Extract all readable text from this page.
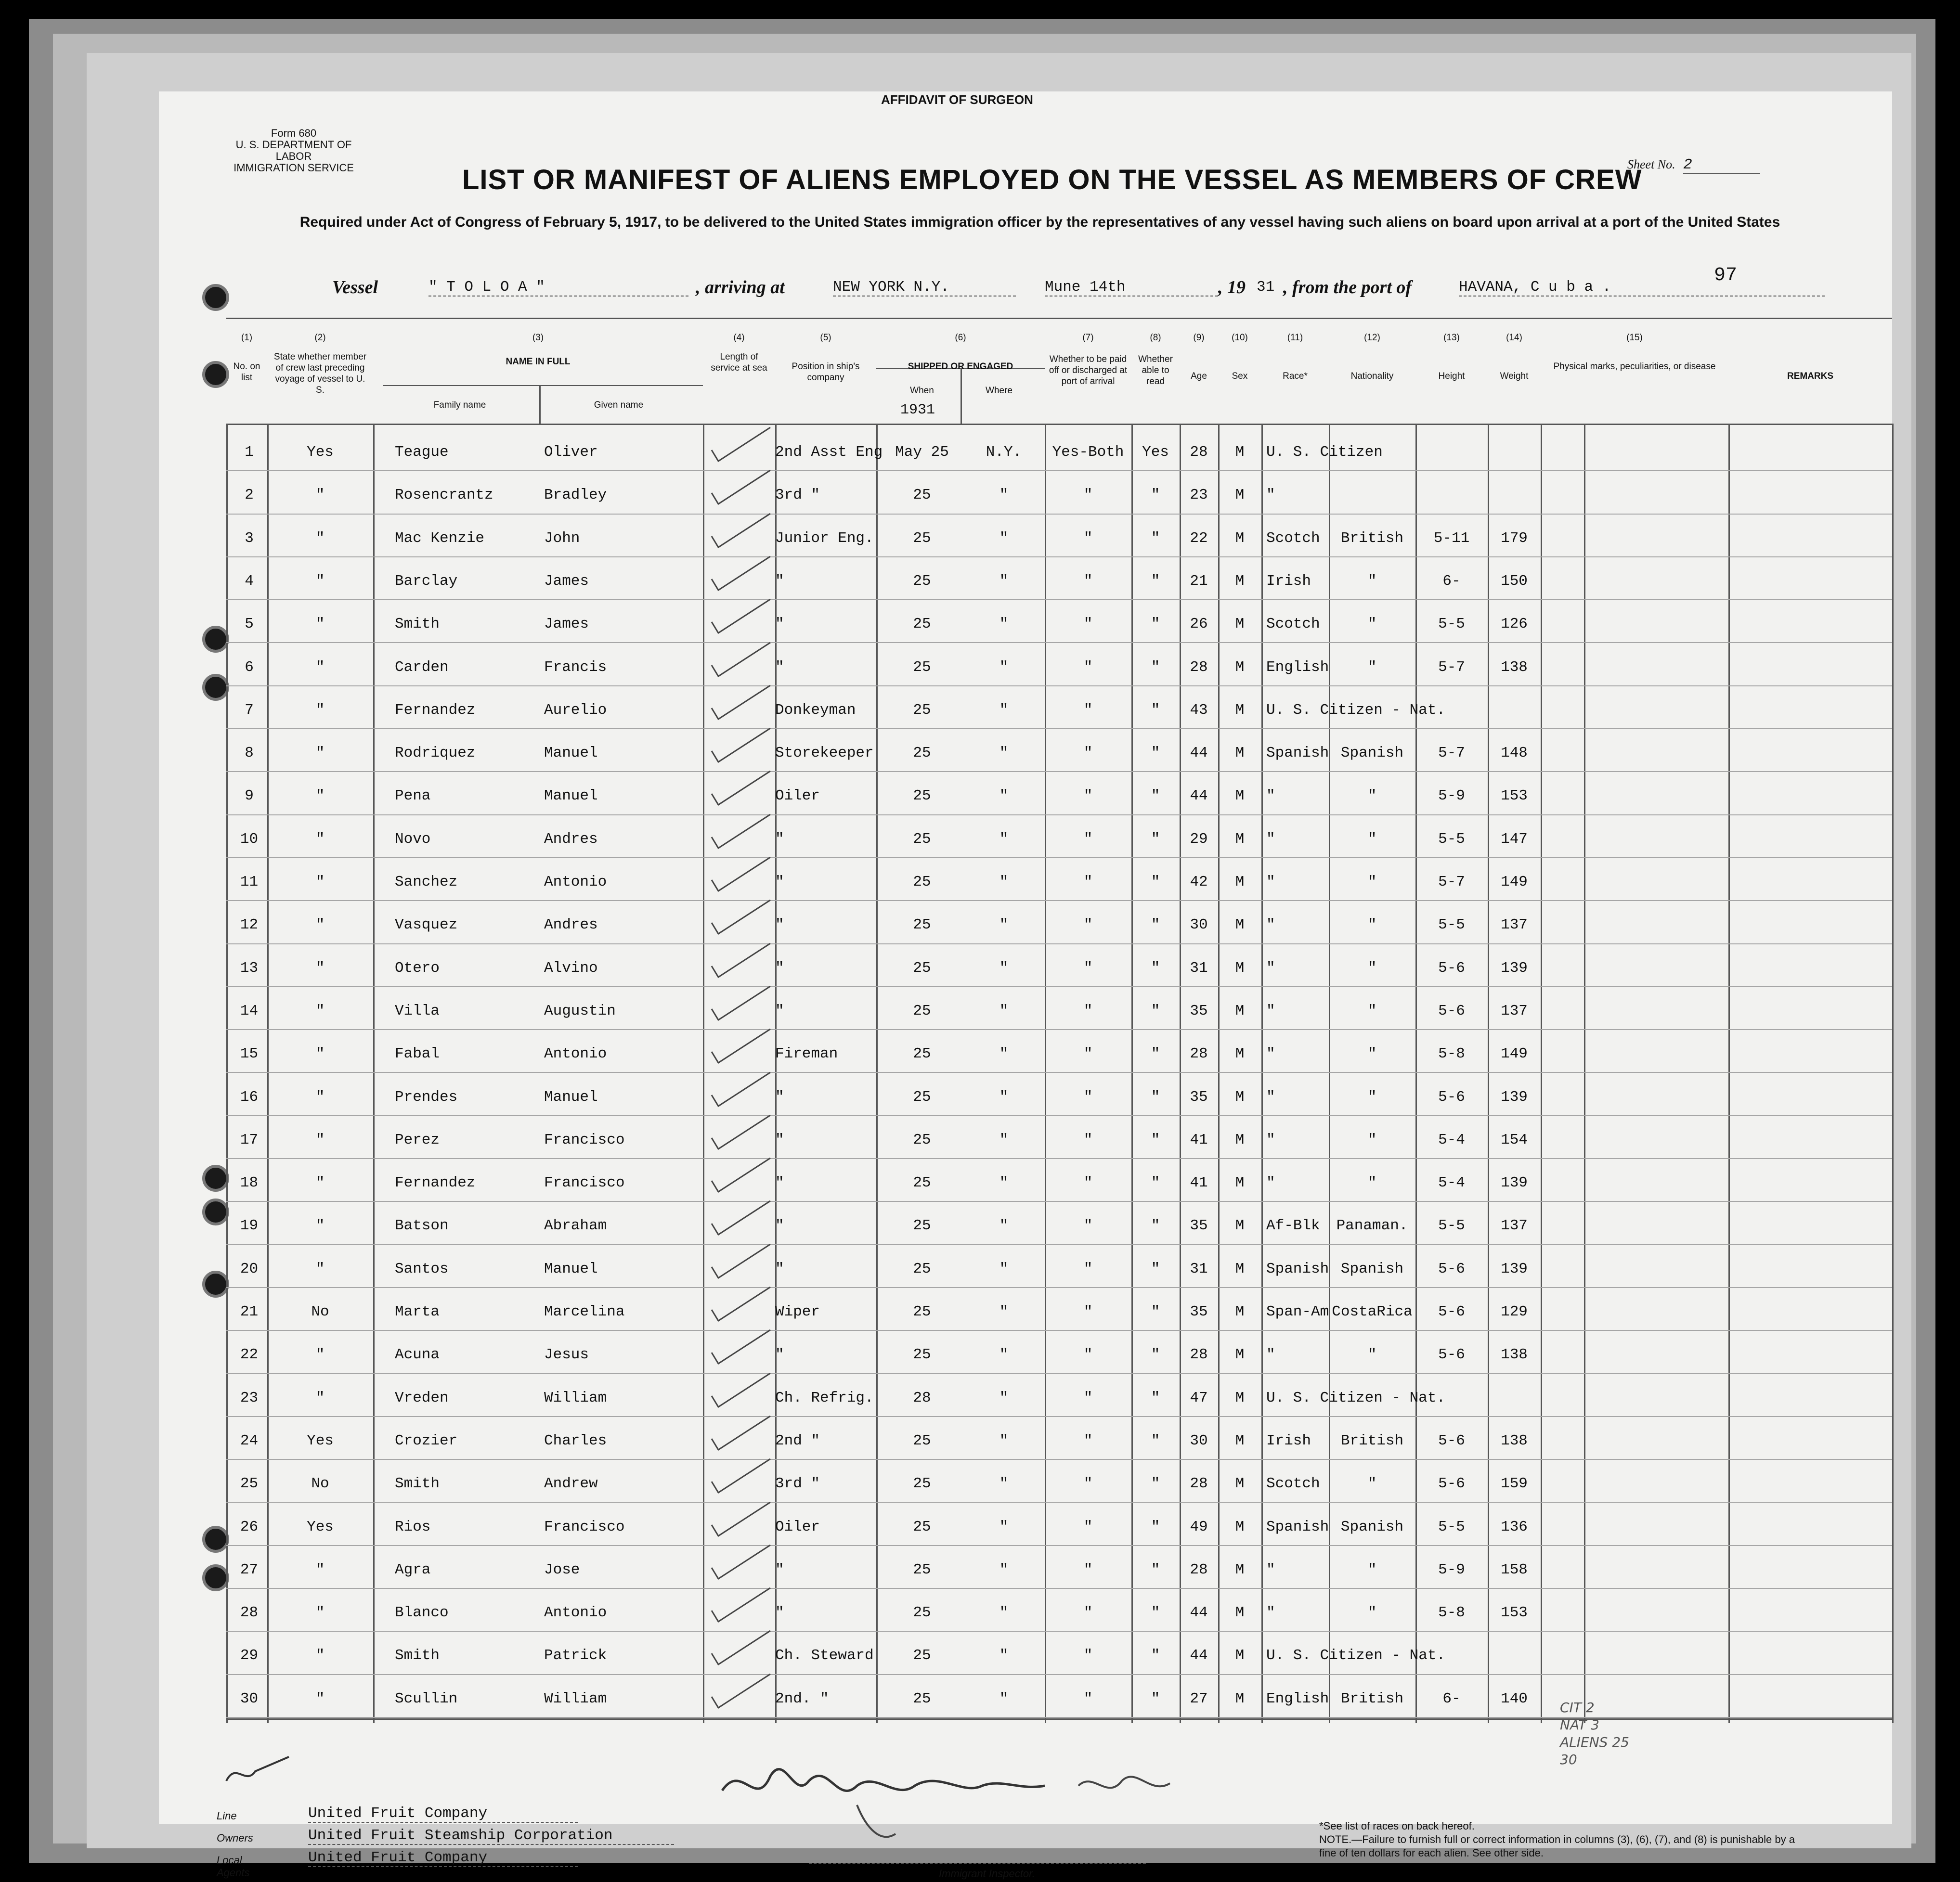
AFFIDAVIT OF SURGEON
Form 680
U. S. DEPARTMENT OF LABOR
IMMIGRATION SERVICE	Sheet No. 2
LIST OR MANIFEST OF ALIENS EMPLOYED ON THE VESSEL AS MEMBERS OF CREW
Required under Act of Congress of February 5, 1917, to be delivered to the United States immigration officer by the representatives of any vessel having such aliens on board upon arrival at a port of the United States
97
Vessel	" T O L O A "	, arriving at	NEW YORK N.Y.	Mune 14th	, 19 31 , from the port of	HAVANA, C u b a .
(1)
No. on list
(2)
State whether member of crew last preceding voyage of vessel to U. S.
(3)
NAME IN FULL
(4)
Length of service at sea
(5)
Position in ship's company
(6)
SHIPPED OR ENGAGED
(7)
Whether to be paid off or discharged at port of arrival
(8)
Whether able to read
(9)
Age
(10)
Sex
(11)
Race*
(12)
Nationality
(13)
Height
(14)
Weight
(15)
Physical marks, peculiarities, or disease
REMARKS
Family name	Given name
When	Where
1931
1	Yes	Teague	Oliver	2nd Asst Eng May 25	N.Y.	Yes-Both	Yes	28	M	U. S. Citizen
2	"	Rosencrantz	Bradley	3rd "	25	"	"	"	23	M	"
3	"	Mac Kenzie	John	Junior Eng.	25	"	"	"	22	M	Scotch	British	5-11	179
4	"	Barclay	James	"	25	"	"	"	21	M	Irish	"	6-	150
5	"	Smith	James	"	25	"	"	"	26	M	Scotch	"	5-5	126
6	"	Carden	Francis	"	25	"	"	"	28	M	English	"	5-7	138
7	"	Fernandez	Aurelio	Donkeyman	25	"	"	"	43	M	U. S. Citizen - Nat.
8	"	Rodriquez	Manuel	Storekeeper	25	"	"	"	44	M	Spanish Spanish	5-7	148
9	"	Pena	Manuel	Oiler	25	"	"	"	44	M	"	"	5-9	153
10	"	Novo	Andres	"	25	"	"	"	29	M	"	"	5-5	147
11	"	Sanchez	Antonio	"	25	"	"	"	42	M	"	"	5-7	149
12	"	Vasquez	Andres	"	25	"	"	"	30	M	"	"	5-5	137
13	"	Otero	Alvino	"	25	"	"	"	31	M	"	"	5-6	139
14	"	Villa	Augustin	"	25	"	"	"	35	M	"	"	5-6	137
15	"	Fabal	Antonio	Fireman	25	"	"	"	28	M	"	"	5-8	149
16	"	Prendes	Manuel	"	25	"	"	"	35	M	"	"	5-6	139
17	"	Perez	Francisco	"	25	"	"	"	41	M	"	"	5-4	154
18	"	Fernandez	Francisco	"	25	"	"	"	41	M	"	"	5-4	139
19	"	Batson	Abraham	"	25	"	"	"	35	M	Af-Blk	Panaman.	5-5	137
20	"	Santos	Manuel	"	25	"	"	"	31	M	Spanish Spanish	5-6	139
21	No	Marta	Marcelina	Wiper	25	"	"	"	35	M	Span-Am CostaRica	5-6	129
22	"	Acuna	Jesus	"	25	"	"	"	28	M	"	"	5-6	138
23	"	Vreden	William	Ch. Refrig.	28	"	"	"	47	M	U. S. Citizen - Nat.
24	Yes	Crozier	Charles	2nd "	25	"	"	"	30	M	Irish	British	5-6	138
25	No	Smith	Andrew	3rd "	25	"	"	"	28	M	Scotch	"	5-6	159
26	Yes	Rios	Francisco	Oiler	25	"	"	"	49	M	Spanish Spanish	5-5	136
27	"	Agra	Jose	"	25	"	"	"	28	M	"	"	5-9	158
28	"	Blanco	Antonio	"	25	"	"	"	44	M	"	"	5-8	153
29	"	Smith	Patrick	Ch. Steward	25	"	"	"	44	M	U. S. Citizen - Nat.
30	"	Scullin	William	2nd. "	25	"	"	"	27	M	English British	6-	140
Line	United Fruit Company
Owners	United Fruit Steamship Corporation
Local Agents
United Fruit Company
Immigrant Inspector.
*See list of races on back hereof.
NOTE.—Failure to furnish full or correct information in columns (3), (6), (7), and (8) is punishable by a fine of ten dollars for each alien. See other side.
CIT 2
NAT 3
ALIENS 25
30
